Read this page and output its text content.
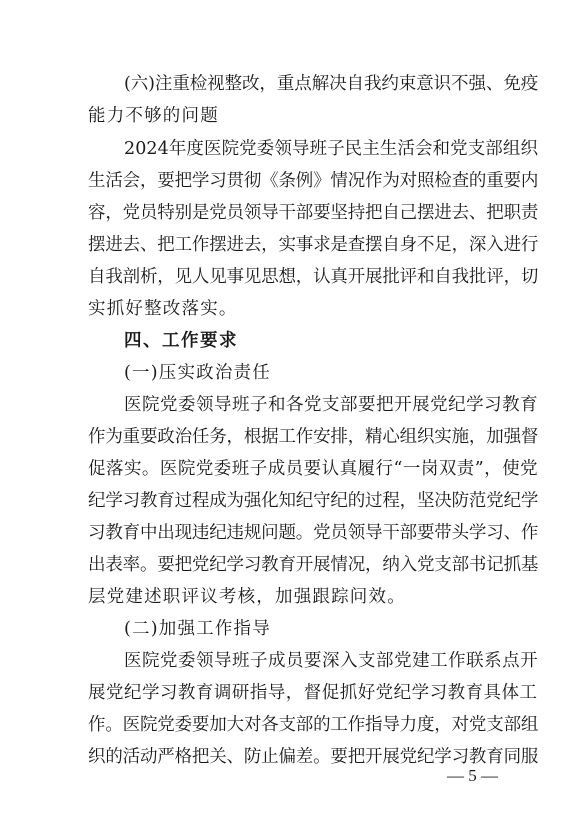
(六)注重检视整改，重点解决自我约束意识不强、免疫
能力不够的问题
2024年度医院党委领导班子民主生活会和党支部组织
生活会，要把学习贯彻《条例》情况作为对照检查的重要内
容，党员特别是党员领导干部要坚持把自己摆进去、把职责
摆进去、把工作摆进去，实事求是查摆自身不足，深入进行
自我剖析，见人见事见思想，认真开展批评和自我批评，切
实抓好整改落实。
四、工作要求
(一)压实政治责任
医院党委领导班子和各党支部要把开展党纪学习教育
作为重要政治任务，根据工作安排，精心组织实施，加强督
促落实。医院党委班子成员要认真履行“一岗双责”，使党
纪学习教育过程成为强化知纪守纪的过程，坚决防范党纪学
习教育中出现违纪违规问题。党员领导干部要带头学习、作
出表率。要把党纪学习教育开展情况，纳入党支部书记抓基
层党建述职评议考核，加强跟踪问效。
(二)加强工作指导
医院党委领导班子成员要深入支部党建工作联系点开
展党纪学习教育调研指导，督促抓好党纪学习教育具体工
作。医院党委要加大对各支部的工作指导力度，对党支部组
织的活动严格把关、防止偏差。要把开展党纪学习教育同服
— 5 —
